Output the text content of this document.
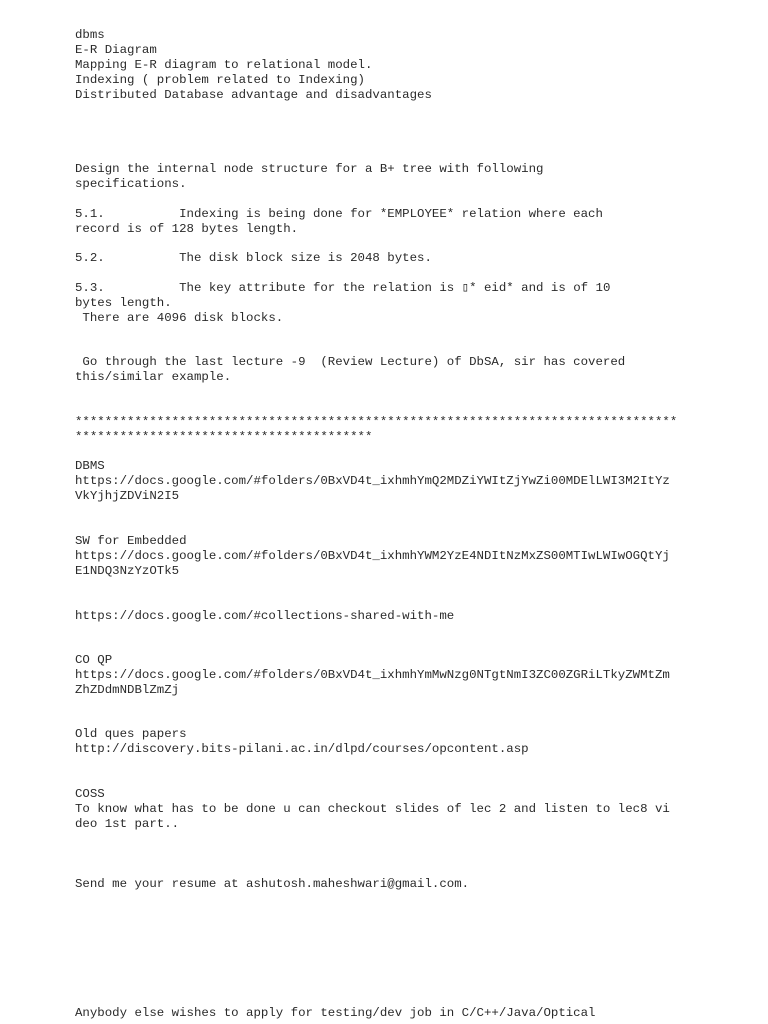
dbms

E-R Diagram

Mapping E-R diagram to relational model.

Indexing ( problem related to Indexing)

Distributed Database advantage and disadvantages

Design the internal node structure for a B+ tree with following

specifications.

5.1.          Indexing is being done for *EMPLOYEE* relation where each

record is of 128 bytes length.

5.2.          The disk block size is 2048 bytes.

5.3.          The key attribute for the relation is ▯* eid* and is of 10

bytes length.

There are 4096 disk blocks.

Go through the last lecture -9  (Review Lecture) of DbSA, sir has covered

this/similar example.

*********************************************************************************

****************************************

DBMS

https://docs.google.com/#folders/0BxVD4t_ixhmhYmQ2MDZiYWItZjYwZi00MDElLWI3M2ItYz

VkYjhjZDViN2I5

SW for Embedded

https://docs.google.com/#folders/0BxVD4t_ixhmhYWM2YzE4NDItNzMxZS00MTIwLWIwOGQtYj

E1NDQ3NzYzOTk5

https://docs.google.com/#collections-shared-with-me

CO QP

https://docs.google.com/#folders/0BxVD4t_ixhmhYmMwNzg0NTgtNmI3ZC00ZGRiLTkyZWMtZm

ZhZDdmNDBlZmZj

Old ques papers

http://discovery.bits-pilani.ac.in/dlpd/courses/opcontent.asp

COSS

To know what has to be done u can checkout slides of lec 2 and listen to lec8 vi

deo 1st part..

Send me your resume at ashutosh.maheshwari@gmail.com.

Anybody else wishes to apply for testing/dev job in C/C++/Java/Optical
